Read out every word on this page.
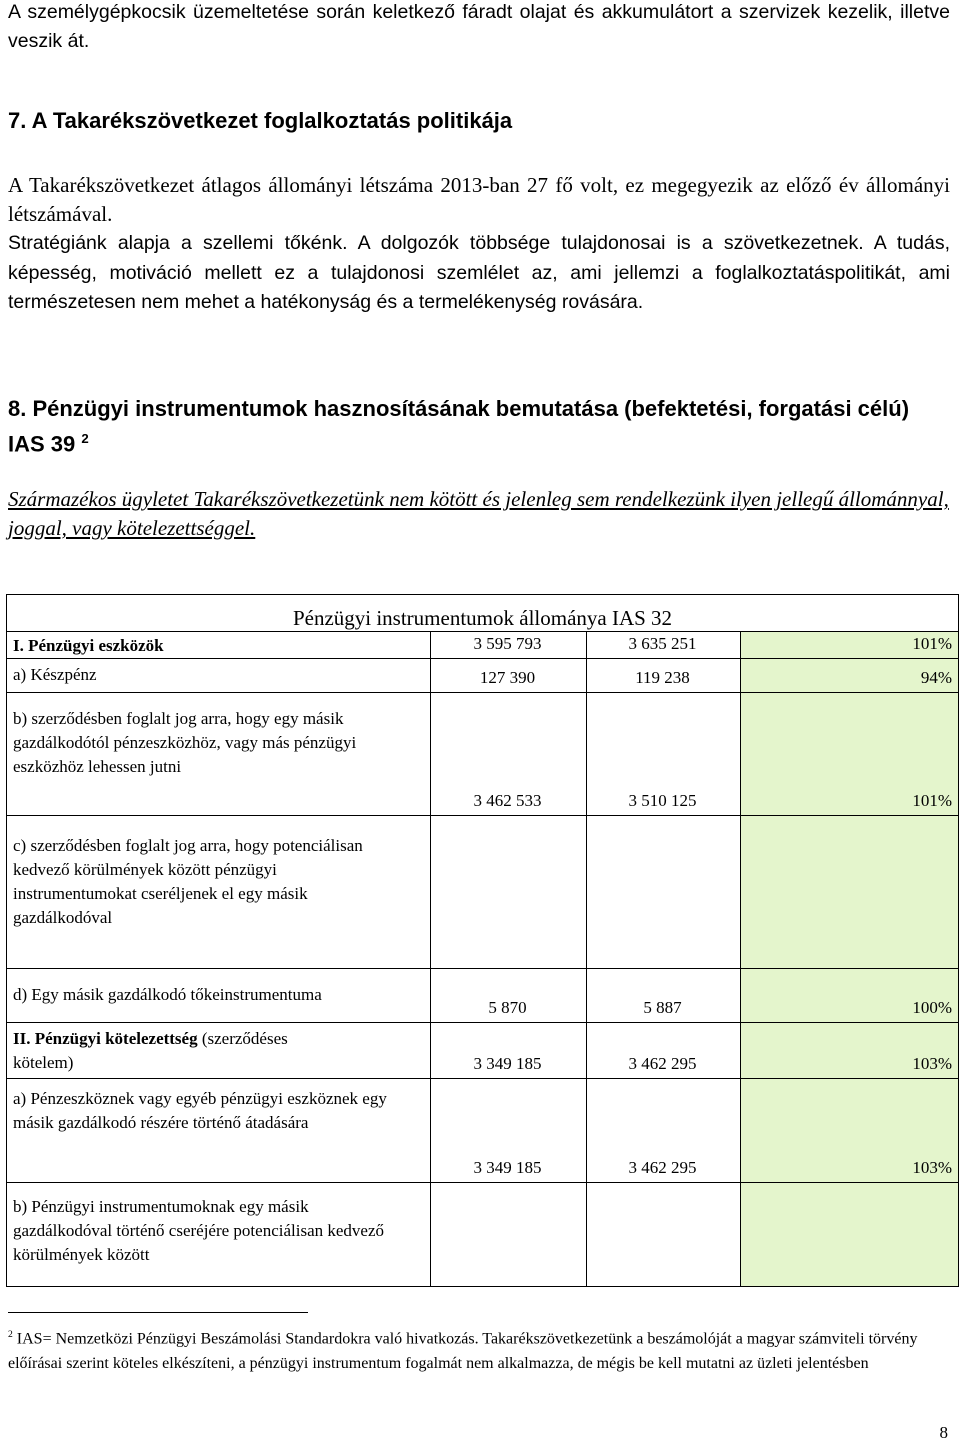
A személygépkocsik üzemeltetése során keletkező fáradt olajat és akkumulátort a szervizek kezelik, illetve veszik át.
7. A Takarékszövetkezet foglalkoztatás politikája
A Takarékszövetkezet átlagos állományi létszáma 2013-ban 27 fő volt, ez megegyezik az előző év állományi létszámával.
Stratégiánk alapja a szellemi tőkénk. A dolgozók többsége tulajdonosai is a szövetkezetnek. A tudás, képesség, motiváció mellett ez a tulajdonosi szemlélet az, ami jellemzi a foglalkoztatáspolitikát, ami természetesen nem mehet a hatékonyság és a termelékenység rovására.
8. Pénzügyi instrumentumok hasznosításának bemutatása (befektetési, forgatási célú) IAS 39 $^2$
Származékos ügyletet Takarékszövetkezetünk nem kötött és jelenleg sem rendelkezünk ilyen jellegű állománnyal, joggal, vagy kötelezettséggel.
Pénzügyi instrumentumok állománya IAS 32			
I. Pénzügyi eszközök	3 595 793	3 635 251	101%
a) Készpénz	127 390	119 238	94%
b) szerződésben foglalt jog arra, hogy egy másik gazdálkodótól pénzeszközhöz, vagy más pénzügyi eszközhöz lehessen jutni	3 462 533	3 510 125	101%
c) szerződésben foglalt jog arra, hogy potenciálisan kedvező körülmények között pénzügyi instrumentumokat cseréljenek el egy másik gazdálkodóval			
d) Egy másik gazdálkodó tőkeinstrumentuma	5 870	5 887	100%
II. Pénzügyi kötelezettség (szerződéses kötelem)	3 349 185	3 462 295	103%
a) Pénzeszköznek vagy egyéb pénzügyi eszköznek egy másik gazdálkodó részére történő átadására	3 349 185	3 462 295	103%
b) Pénzügyi instrumentumoknak egy másik gazdálkodóval történő cseréjére potenciálisan kedvező körülmények között			
$^2$ IAS= Nemzetközi Pénzügyi Beszámolási Standardokra való hivatkozás. Takarékszövetkezetünk a beszámolóját a magyar számviteli törvény előírásai szerint köteles elkészíteni, a pénzügyi instrumentum fogalmát nem alkalmazza, de mégis be kell mutatni az üzleti jelentésben
8
